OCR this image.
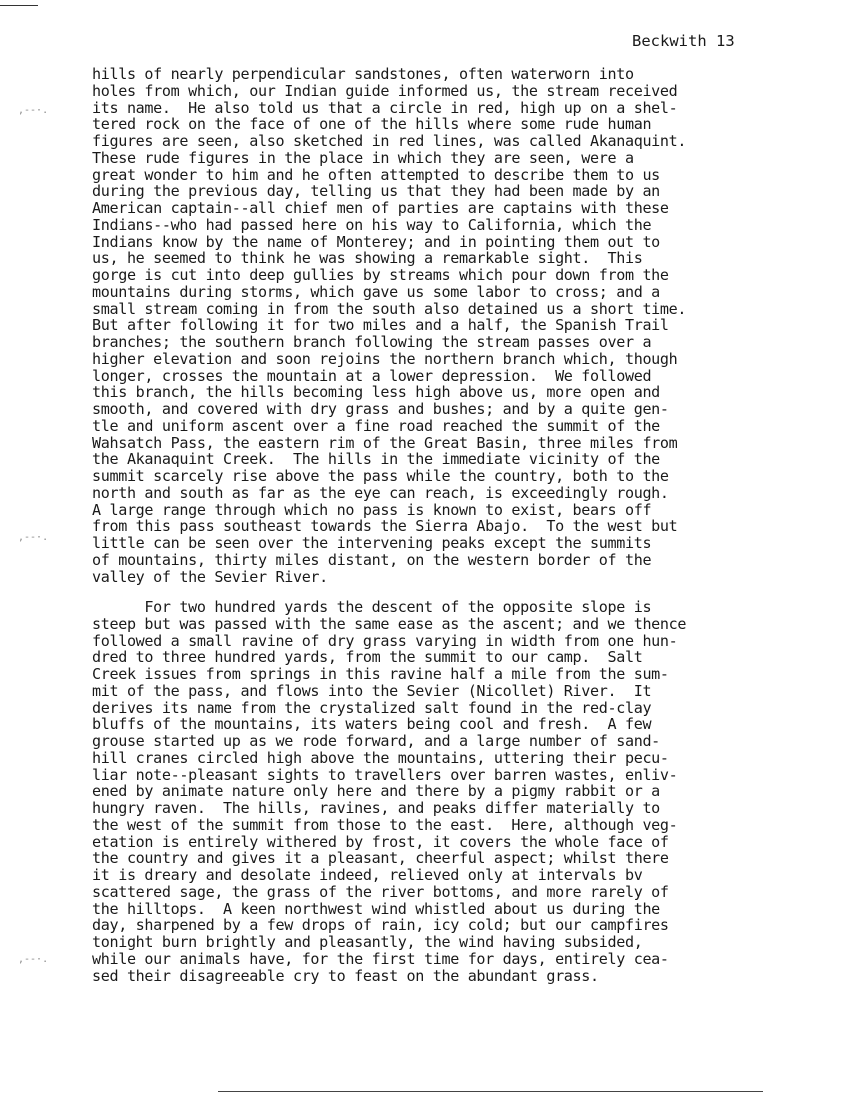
Beckwith 13
hills of nearly perpendicular sandstones, often waterworn into
holes from which, our Indian guide informed us, the stream received
its name.  He also told us that a circle in red, high up on a shel-
tered rock on the face of one of the hills where some rude human
figures are seen, also sketched in red lines, was called Akanaquint.
These rude figures in the place in which they are seen, were a
great wonder to him and he often attempted to describe them to us
during the previous day, telling us that they had been made by an
American captain--all chief men of parties are captains with these
Indians--who had passed here on his way to California, which the
Indians know by the name of Monterey; and in pointing them out to
us, he seemed to think he was showing a remarkable sight.  This
gorge is cut into deep gullies by streams which pour down from the
mountains during storms, which gave us some labor to cross; and a
small stream coming in from the south also detained us a short time.
But after following it for two miles and a half, the Spanish Trail
branches; the southern branch following the stream passes over a
higher elevation and soon rejoins the northern branch which, though
longer, crosses the mountain at a lower depression.  We followed
this branch, the hills becoming less high above us, more open and
smooth, and covered with dry grass and bushes; and by a quite gen-
tle and uniform ascent over a fine road reached the summit of the
Wahsatch Pass, the eastern rim of the Great Basin, three miles from
the Akanaquint Creek.  The hills in the immediate vicinity of the
summit scarcely rise above the pass while the country, both to the
north and south as far as the eye can reach, is exceedingly rough.
A large range through which no pass is known to exist, bears off
from this pass southeast towards the Sierra Abajo.  To the west but
little can be seen over the intervening peaks except the summits
of mountains, thirty miles distant, on the western border of the
valley of the Sevier River.
For two hundred yards the descent of the opposite slope is
steep but was passed with the same ease as the ascent; and we thence
followed a small ravine of dry grass varying in width from one hun-
dred to three hundred yards, from the summit to our camp.  Salt
Creek issues from springs in this ravine half a mile from the sum-
mit of the pass, and flows into the Sevier (Nicollet) River.  It
derives its name from the crystalized salt found in the red-clay
bluffs of the mountains, its waters being cool and fresh.  A few
grouse started up as we rode forward, and a large number of sand-
hill cranes circled high above the mountains, uttering their pecu-
liar note--pleasant sights to travellers over barren wastes, enliv-
ened by animate nature only here and there by a pigmy rabbit or a
hungry raven.  The hills, ravines, and peaks differ materially to
the west of the summit from those to the east.  Here, although veg-
etation is entirely withered by frost, it covers the whole face of
the country and gives it a pleasant, cheerful aspect; whilst there
it is dreary and desolate indeed, relieved only at intervals bv
scattered sage, the grass of the river bottoms, and more rarely of
the hilltops.  A keen northwest wind whistled about us during the
day, sharpened by a few drops of rain, icy cold; but our campfires
tonight burn brightly and pleasantly, the wind having subsided,
while our animals have, for the first time for days, entirely cea-
sed their disagreeable cry to feast on the abundant grass.
,--·.
,--·.
,--·.
